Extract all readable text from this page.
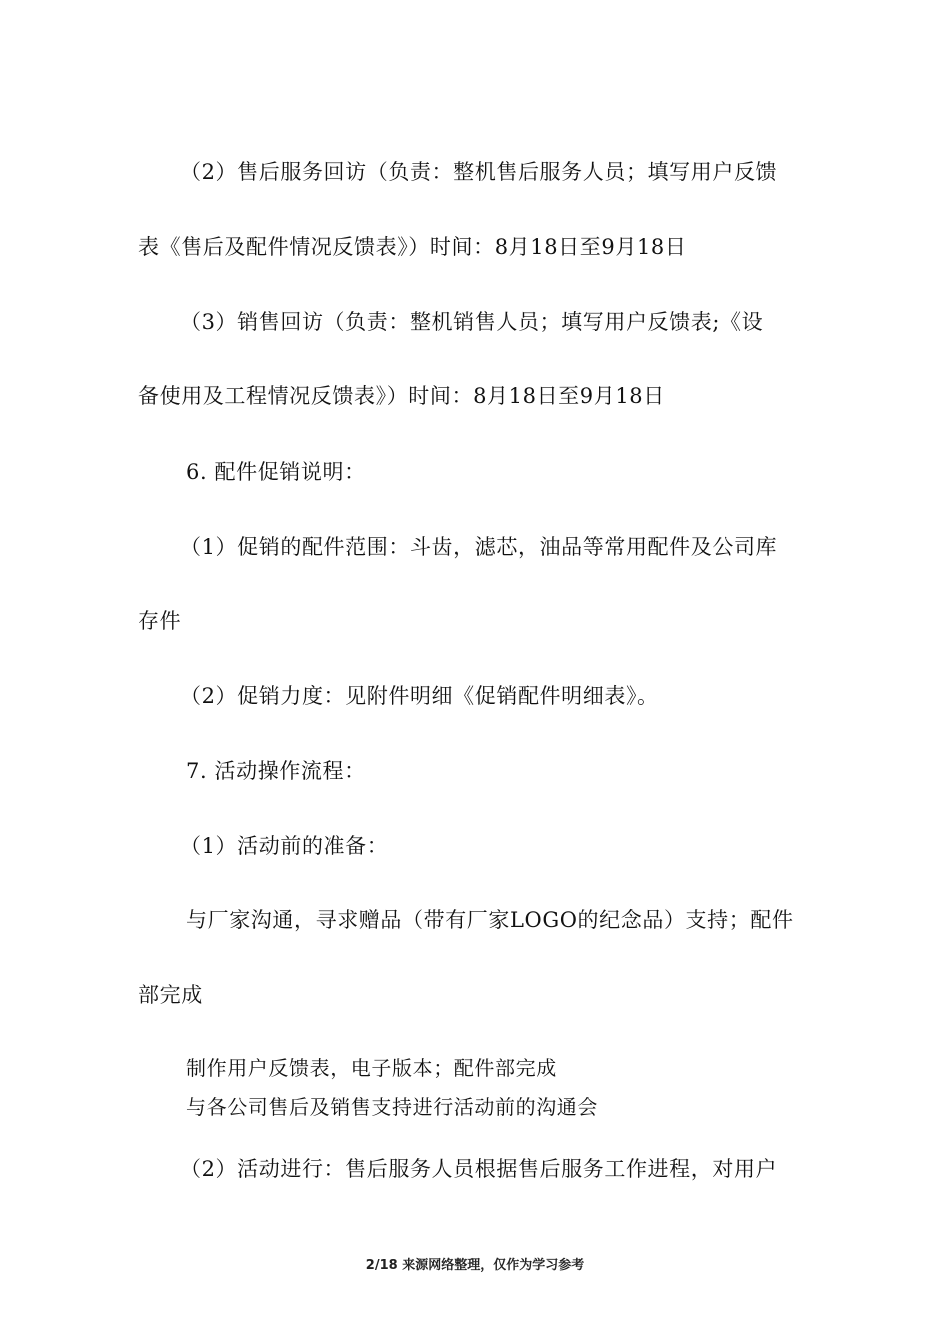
（2）售后服务回访（负责：整机售后服务人员；填写用户反馈
表《售后及配件情况反馈表》）时间：8月18日至9月18日
（3）销售回访（负责：整机销售人员；填写用户反馈表;《设
备使用及工程情况反馈表》）时间：8月18日至9月18日
6. 配件促销说明：
（1）促销的配件范围：斗齿，滤芯，油品等常用配件及公司库
存件
（2）促销力度：见附件明细《促销配件明细表》。
7. 活动操作流程：
（1）活动前的准备：
与厂家沟通，寻求赠品（带有厂家LOGO的纪念品）支持；配件
部完成
制作用户反馈表，电子版本；配件部完成
与各公司售后及销售支持进行活动前的沟通会
（2）活动进行：售后服务人员根据售后服务工作进程，对用户
2/18 来源网络整理，仅作为学习参考
